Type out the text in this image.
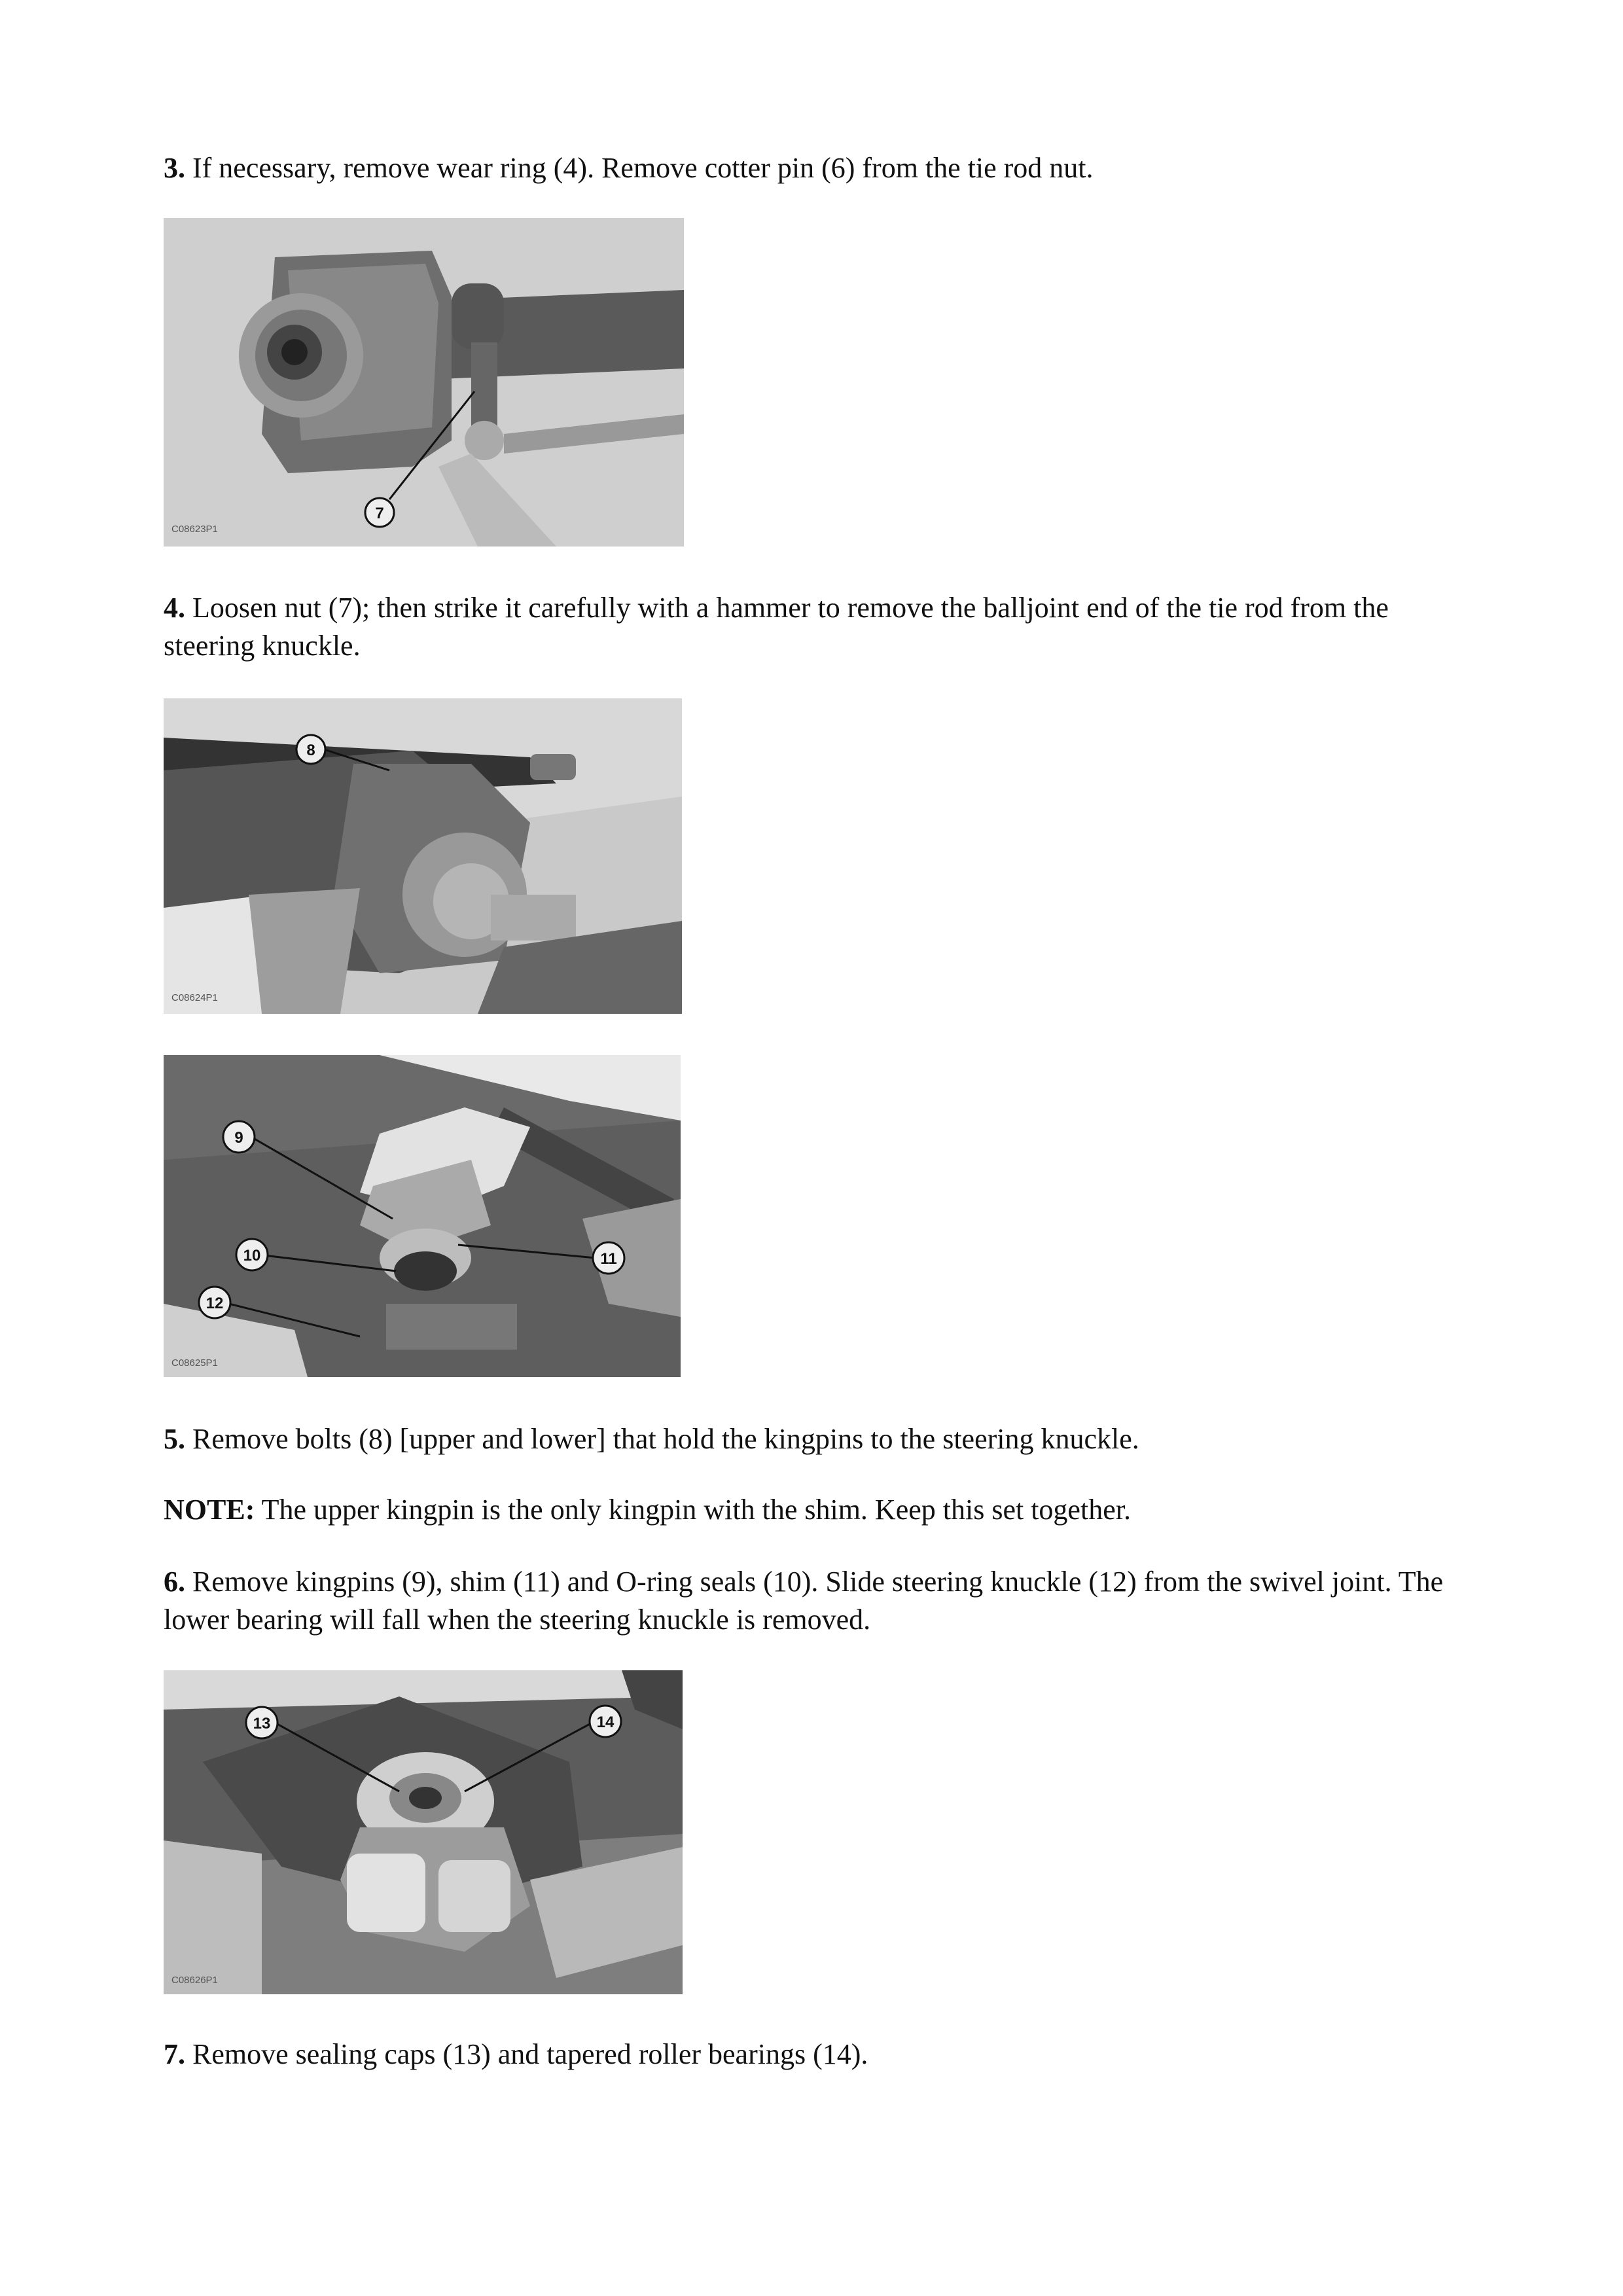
3. If necessary, remove wear ring (4). Remove cotter pin (6) from the tie rod nut.

7
C08623P1

4. Loosen nut (7); then strike it carefully with a hammer to remove the balljoint end of the tie rod from the steering knuckle.

8
C08624P1
9
10	11
12
C08625P1

5. Remove bolts (8) [upper and lower] that hold the kingpins to the steering knuckle.

NOTE: The upper kingpin is the only kingpin with the shim. Keep this set together.

6. Remove kingpins (9), shim (11) and O-ring seals (10). Slide steering knuckle (12) from the swivel joint. The lower bearing will fall when the steering knuckle is removed.

13	14
C08626P1

7. Remove sealing caps (13) and tapered roller bearings (14).
